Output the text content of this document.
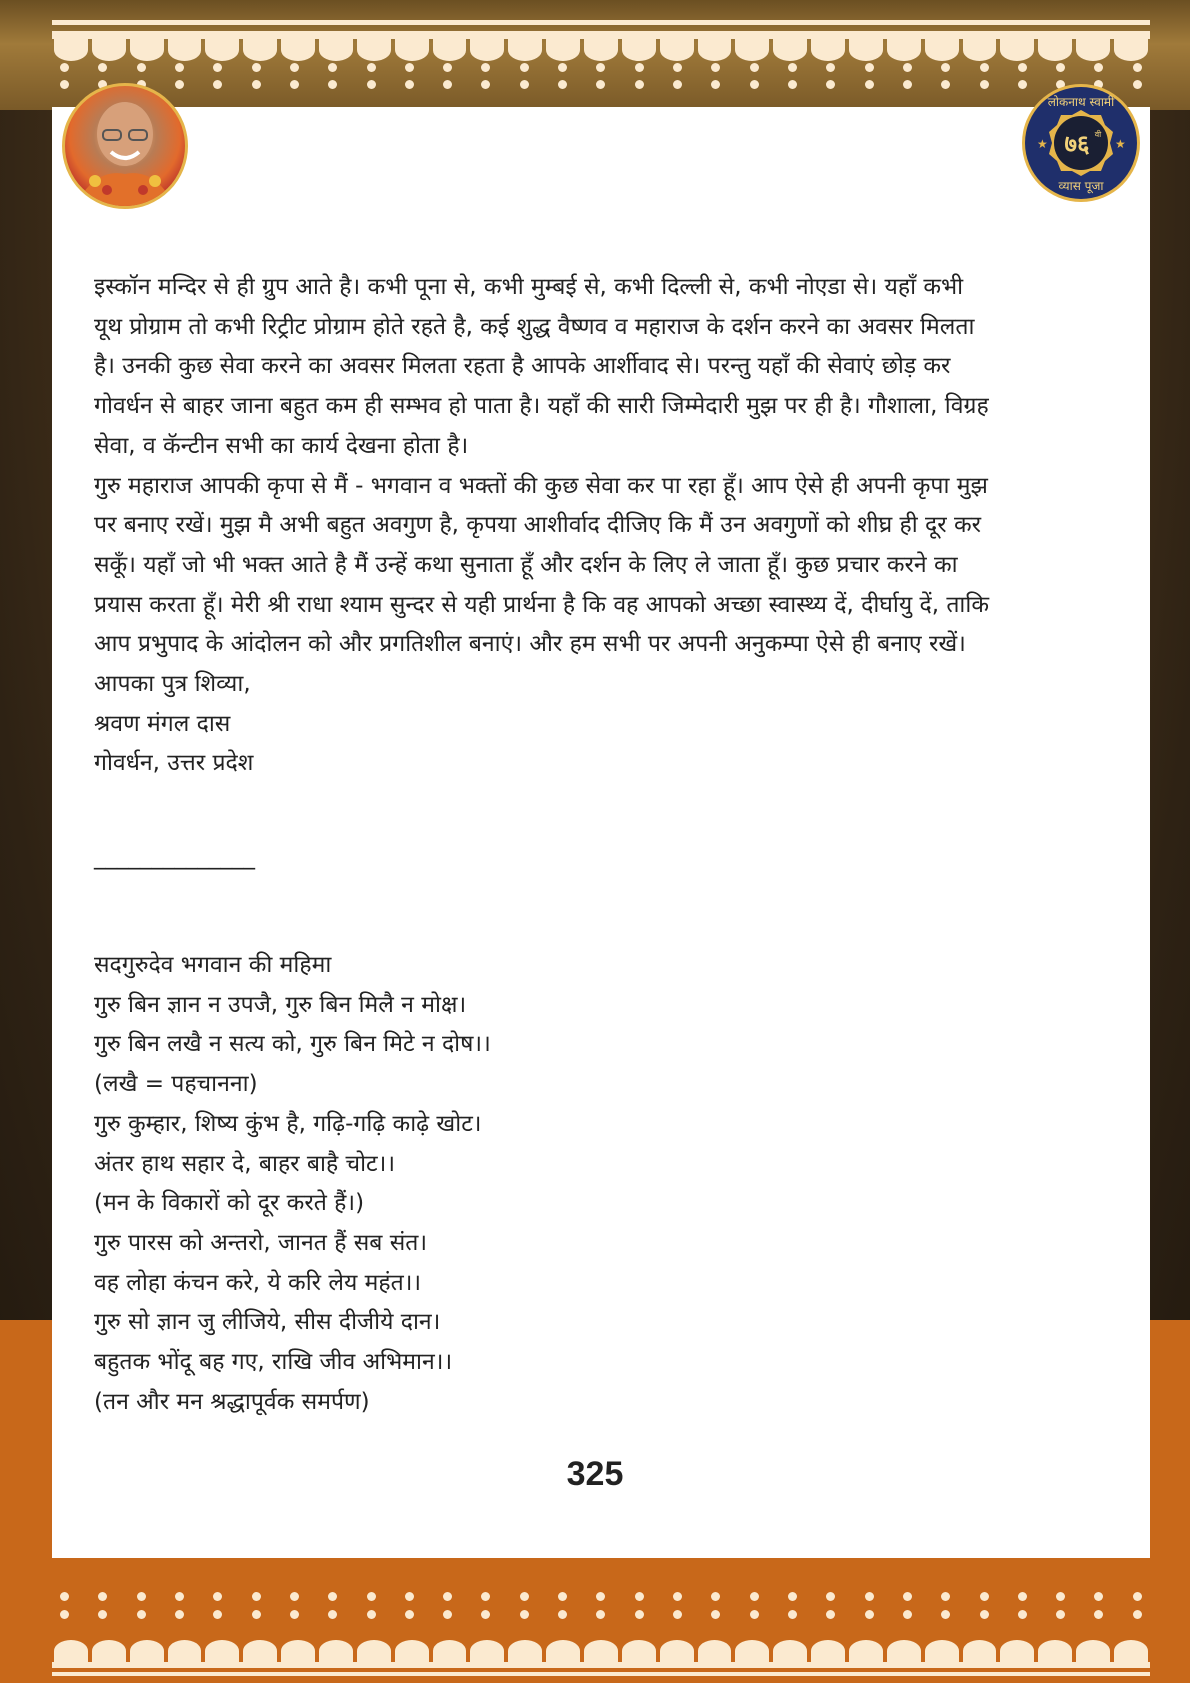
७६ वी
लोकनाथ स्वामी
व्यास पूजा
★	★
इस्कॉन मन्दिर से ही ग्रुप आते है। कभी पूना से, कभी मुम्बई से, कभी दिल्ली से, कभी नोएडा से। यहाँ कभी
यूथ प्रोग्राम तो कभी रिट्रीट प्रोग्राम होते रहते है, कई शुद्ध वैष्णव व महाराज के दर्शन करने का अवसर मिलता
है। उनकी कुछ सेवा करने का अवसर मिलता रहता है आपके आर्शीवाद से। परन्तु यहाँ की सेवाएं छोड़ कर
गोवर्धन से बाहर जाना बहुत कम ही सम्भव हो पाता है। यहाँ की सारी जिम्मेदारी मुझ पर ही है। गौशाला, विग्रह
सेवा, व कॅन्टीन सभी का कार्य देखना होता है।
गुरु महाराज आपकी कृपा से मैं - भगवान व भक्तों की कुछ सेवा कर पा रहा हूँ। आप ऐसे ही अपनी कृपा मुझ
पर बनाए रखें। मुझ मै अभी बहुत अवगुण है, कृपया आशीर्वाद दीजिए कि मैं उन अवगुणों को शीघ्र ही दूर कर
सकूँ। यहाँ जो भी भक्त आते है मैं उन्हें कथा सुनाता हूँ और दर्शन के लिए ले जाता हूँ। कुछ प्रचार करने का
प्रयास करता हूँ। मेरी श्री राधा श्याम सुन्दर से यही प्रार्थना है कि वह आपको अच्छा स्वास्थ्य दें, दीर्घायु दें, ताकि
आप प्रभुपाद के आंदोलन को और प्रगतिशील बनाएं। और हम सभी पर अपनी अनुकम्पा ऐसे ही बनाए रखें।
आपका पुत्र शिव्या,
श्रवण मंगल दास
गोवर्धन, उत्तर प्रदेश
______________
सदगुरुदेव भगवान की महिमा
गुरु बिन ज्ञान न उपजै, गुरु बिन मिलै न मोक्ष।
गुरु बिन लखै न सत्य को, गुरु बिन मिटे न दोष।।
(लखै = पहचानना)
गुरु कुम्हार, शिष्य कुंभ है, गढ़ि-गढ़ि काढ़े खोट।
अंतर हाथ सहार दे, बाहर बाहै चोट।।
(मन के विकारों को दूर करते हैं।)
गुरु पारस को अन्तरो, जानत हैं सब संत।
वह लोहा कंचन करे, ये करि लेय महंत।।
गुरु सो ज्ञान जु लीजिये, सीस दीजीये दान।
बहुतक भोंदू बह गए, राखि जीव अभिमान।।
(तन और मन श्रद्धापूर्वक समर्पण)
325
